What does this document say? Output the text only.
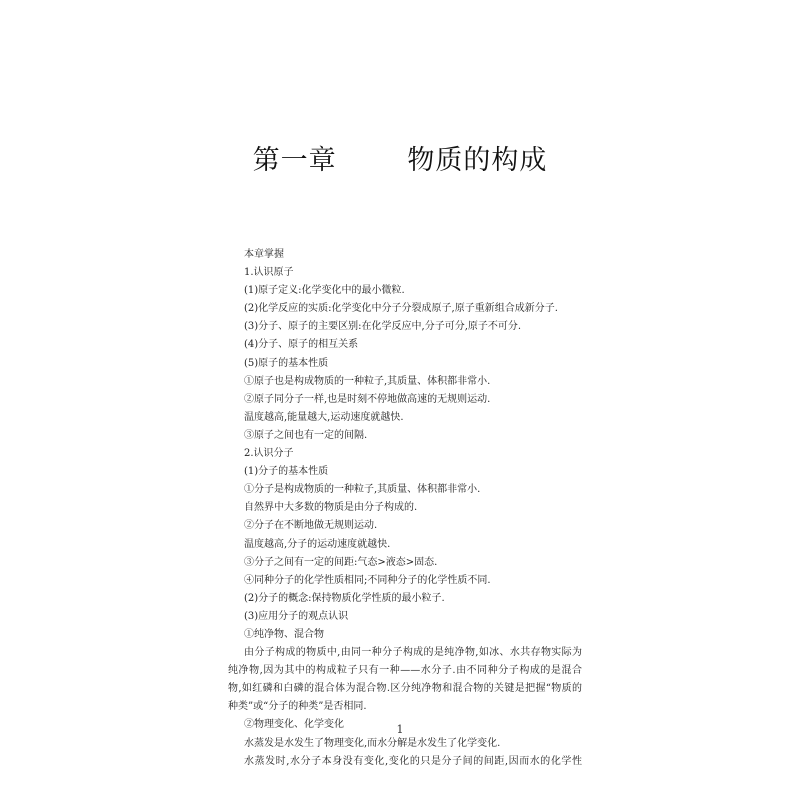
第一章   物质的构成
本章掌握
1.认识原子
(1)原子定义:化学变化中的最小微粒.
(2)化学反应的实质:化学变化中分子分裂成原子,原子重新组合成新分子.
(3)分子、原子的主要区别:在化学反应中,分子可分,原子不可分.
(4)分子、原子的相互关系
(5)原子的基本性质
①原子也是构成物质的一种粒子,其质量、体积都非常小.
②原子同分子一样,也是时刻不停地做高速的无规则运动.
温度越高,能量越大,运动速度就越快.
③原子之间也有一定的间隔.
2.认识分子
(1)分子的基本性质
①分子是构成物质的一种粒子,其质量、体积都非常小.
自然界中大多数的物质是由分子构成的.
②分子在不断地做无规则运动.
温度越高,分子的运动速度就越快.
③分子之间有一定的间距:气态>液态>固态.
④同种分子的化学性质相同;不同种分子的化学性质不同.
(2)分子的概念:保持物质化学性质的最小粒子.
(3)应用分子的观点认识
①纯净物、混合物
由分子构成的物质中,由同一种分子构成的是纯净物,如冰、水共存物实际为
纯净物,因为其中的构成粒子只有一种——水分子.由不同种分子构成的是混合
物,如红磷和白磷的混合体为混合物.区分纯净物和混合物的关键是把握“物质的
种类”或“分子的种类”是否相同.
②物理变化、化学变化
水蒸发是水发生了物理变化,而水分解是水发生了化学变化.
水蒸发时,水分子本身没有变化,变化的只是分子间的间距,因而水的化学性
1
